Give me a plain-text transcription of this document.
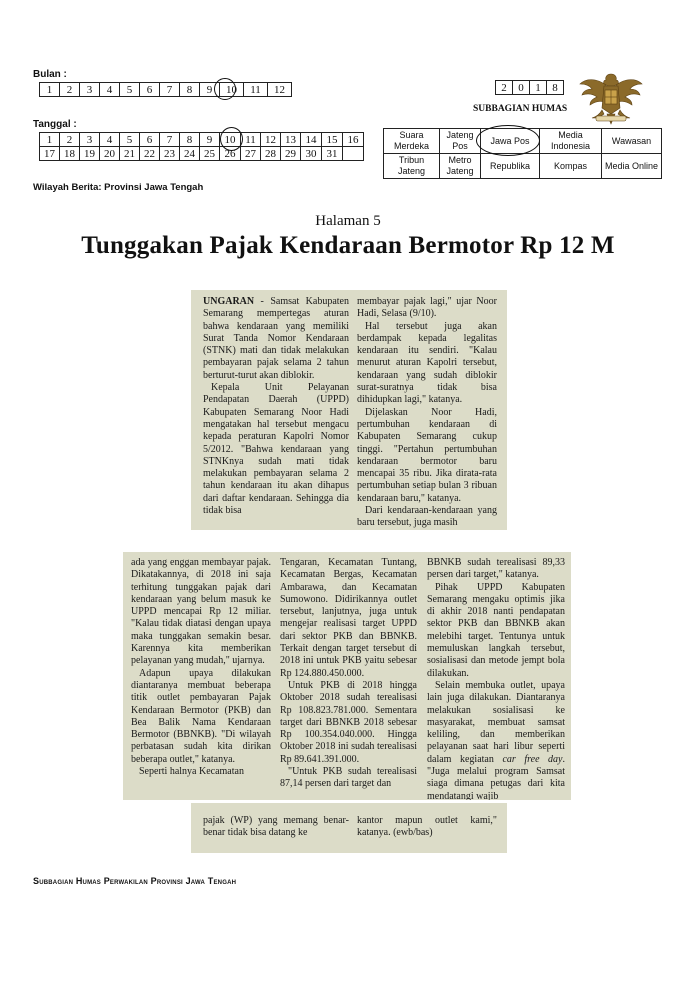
Bulan :
1	2	3	4	5	6	7	8	9	10	11	12
Tanggal :
1	2	3	4	5	6	7	8	9	10	11	12	13	14	15	16
17	18	19	20	21	22	23	24	25	26	27	28	29	30	31	
2	0	1	8
SUBBAGIAN HUMAS
Suara Merdeka	Jateng Pos	Jawa Pos	Media Indonesia	Wawasan
Tribun Jateng	Metro Jateng	Republika	Kompas	Media Online
Wilayah Berita: Provinsi Jawa Tengah
Halaman 5
Tunggakan Pajak Kendaraan Bermotor Rp 12 M

UNGARAN - Samsat Kabupaten Semarang mempertegas aturan bahwa kendaraan yang memiliki Surat Tanda Nomor Kendaraan (STNK) mati dan tidak melakukan pembayaran pajak selama 2 tahun berturut-turut akan diblokir.

Kepala Unit Pelayanan Pendapatan Daerah (UPPD) Kabupaten Semarang Noor Hadi mengatakan hal tersebut mengacu kepada peraturan Kapolri Nomor 5/2012. "Bahwa kendaraan yang STNKnya sudah mati tidak melakukan pembayaran selama 2 tahun kendaraan itu akan dihapus dari daftar kendaraan. Sehingga dia tidak bisa

membayar pajak lagi," ujar Noor Hadi, Selasa (9/10).

Hal tersebut juga akan berdampak kepada legalitas kendaraan itu sendiri. "Kalau menurut aturan Kapolri tersebut, kendaraan yang sudah diblokir surat-suratnya tidak bisa dihidupkan lagi," katanya.

Dijelaskan Noor Hadi, pertumbuhan kendaraan di Kabupaten Semarang cukup tinggi. "Pertahun pertumbuhan kendaraan bermotor baru mencapai 35 ribu. Jika dirata-rata pertumbuhan setiap bulan 3 ribuan kendaraan baru," katanya.

Dari kendaraan-kendaraan yang baru tersebut, juga masih

ada yang enggan membayar pajak. Dikatakannya, di 2018 ini saja terhitung tunggakan pajak dari kendaraan yang belum masuk ke UPPD mencapai Rp 12 miliar. "Kalau tidak diatasi dengan upaya maka tunggakan semakin besar. Karennya kita memberikan pelayanan yang mudah," ujarnya.

Adapun upaya dilakukan diantaranya membuat beberapa titik outlet pembayaran Pajak Kendaraan Bermotor (PKB) dan Bea Balik Nama Kendaraan Bermotor (BBNKB). "Di wilayah perbatasan sudah kita dirikan beberapa outlet," katanya.

Seperti halnya Kecamatan

Tengaran, Kecamatan Tuntang, Kecamatan Bergas, Kecamatan Ambarawa, dan Kecamatan Sumowono. Didirikannya outlet tersebut, lanjutnya, juga untuk mengejar realisasi target UPPD dari sektor PKB dan BBNKB. Terkait dengan target tersebut di 2018 ini untuk PKB yaitu sebesar Rp 124.880.450.000.

Untuk PKB di 2018 hingga Oktober 2018 sudah terealisasi Rp 108.823.781.000. Sementara target dari BBNKB 2018 sebesar Rp 100.354.040.000. Hingga Oktober 2018 ini sudah terealisasi Rp 89.641.391.000.

"Untuk PKB sudah terealisasi 87,14 persen dari target dan

BBNKB sudah terealisasi 89,33 persen dari target," katanya.

Pihak UPPD Kabupaten Semarang mengaku optimis jika di akhir 2018 nanti pendapatan sektor PKB dan BBNKB akan melebihi target. Tentunya untuk memuluskan langkah tersebut, sosialisasi dan metode jempt bola dilakukan.

Selain membuka outlet, upaya lain juga dilakukan. Diantaranya melakukan sosialisasi ke masyarakat, membuat samsat keliling, dan memberikan pelayanan saat hari libur seperti dalam kegiatan car free day. "Juga melalui program Samsat siaga dimana petugas dari kita mendatangi wajib

pajak (WP) yang memang benar-benar tidak bisa datang ke

kantor mapun outlet kami," katanya. (ewb/bas)

Subbagian Humas Perwakilan Provinsi Jawa Tengah
